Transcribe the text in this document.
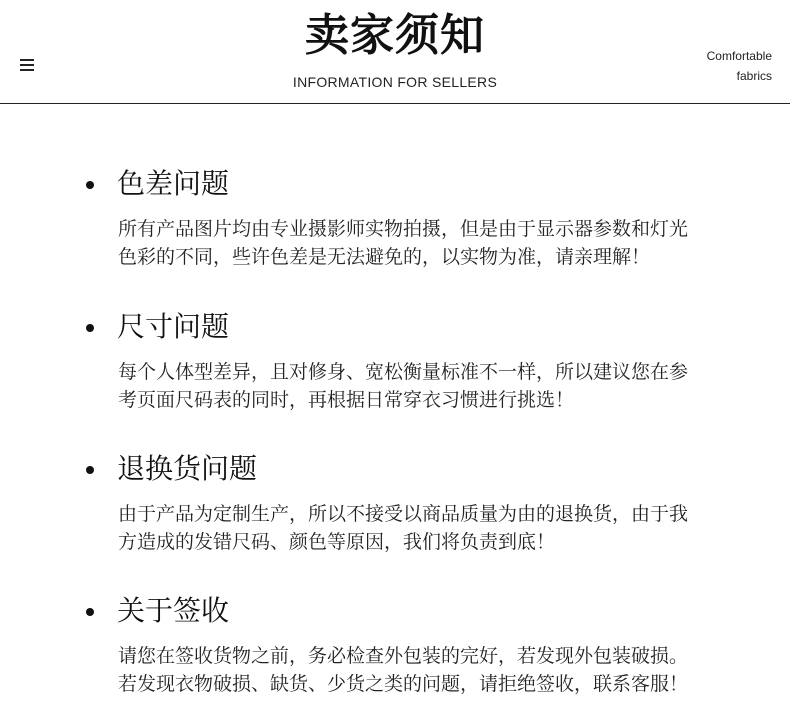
卖家须知
INFORMATION FOR SELLERS
Comfortable
fabrics
色差问题
所有产品图片均由专业摄影师实物拍摄，但是由于显示器参数和灯光
色彩的不同，些许色差是无法避免的，以实物为准，请亲理解！
尺寸问题
每个人体型差异，且对修身、宽松衡量标准不一样，所以建议您在参
考页面尺码表的同时，再根据日常穿衣习惯进行挑选！
退换货问题
由于产品为定制生产，所以不接受以商品质量为由的退换货，由于我
方造成的发错尺码、颜色等原因，我们将负责到底！
关于签收
请您在签收货物之前，务必检查外包装的完好，若发现外包装破损。
若发现衣物破损、缺货、少货之类的问题，请拒绝签收，联系客服！
